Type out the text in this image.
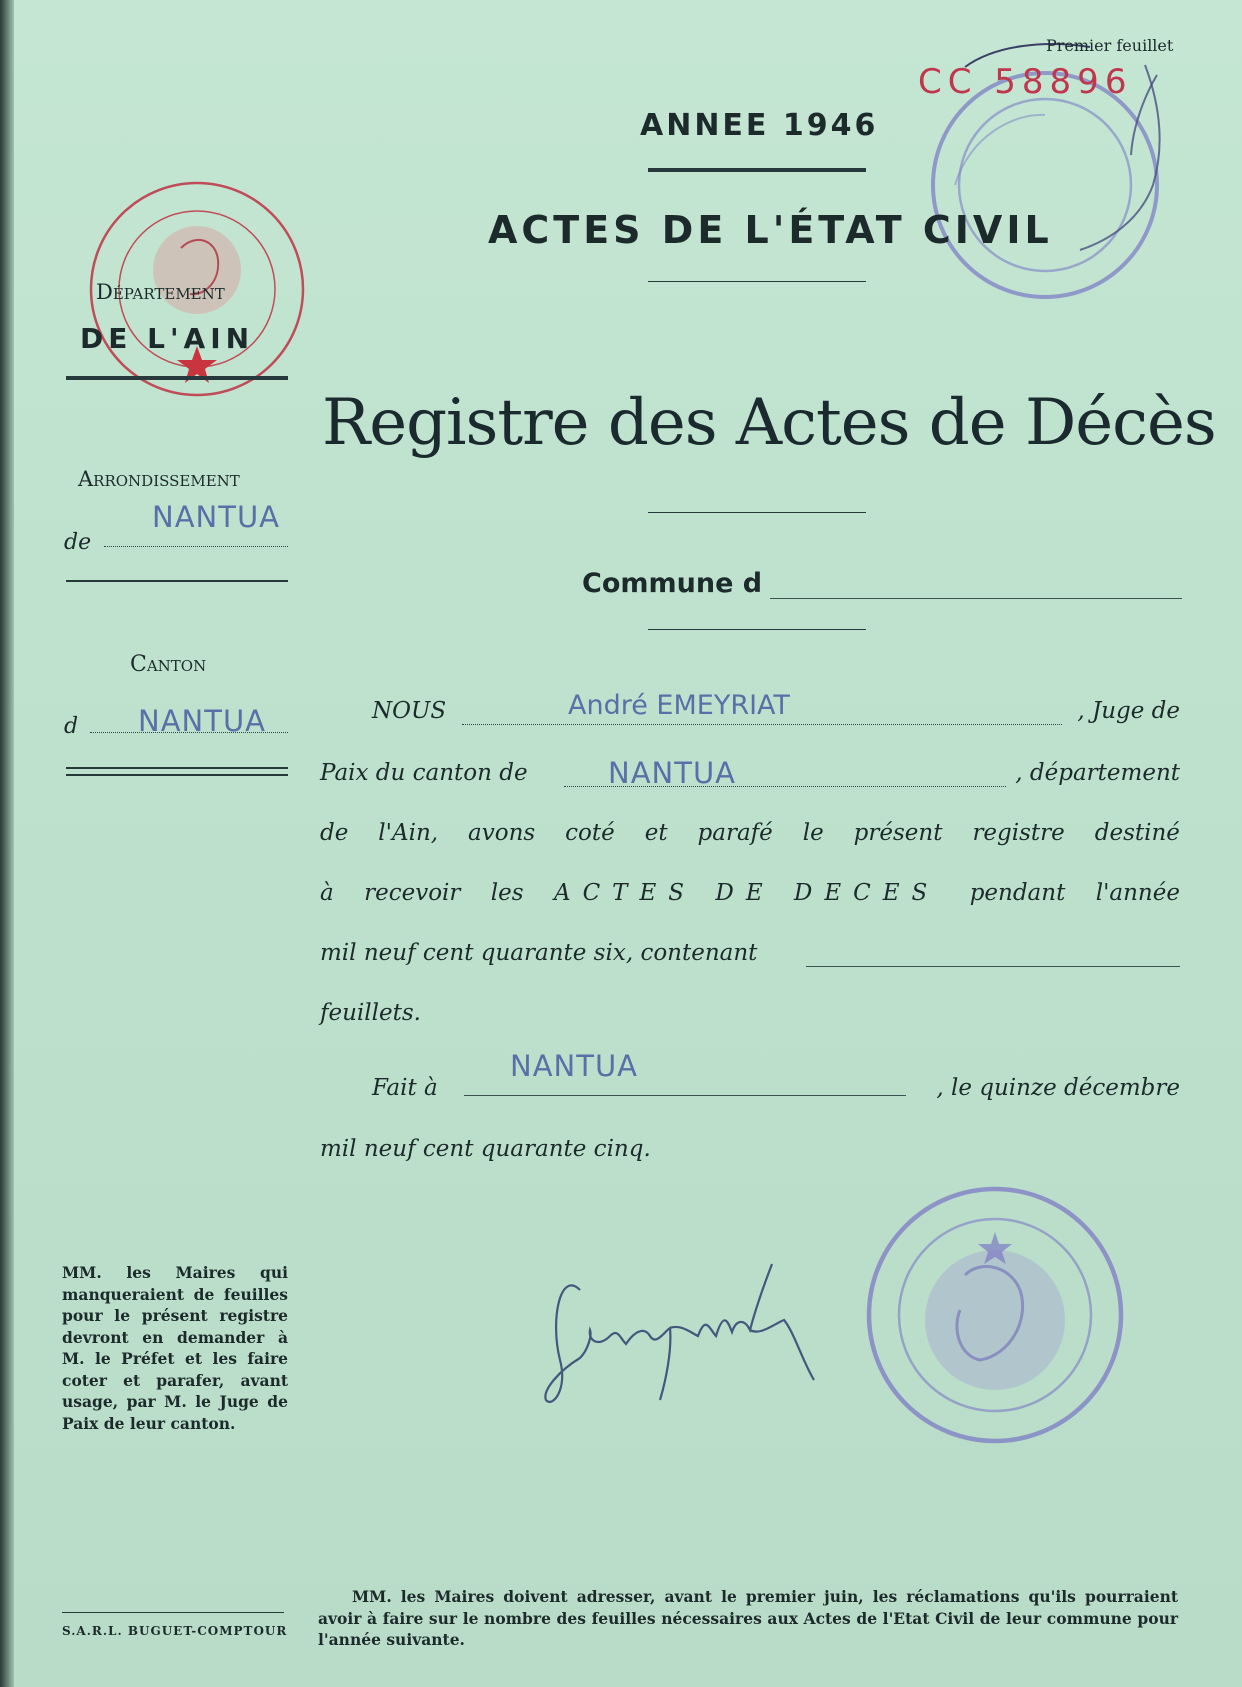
Premier feuillet
CC 58896
ANNEE 1946
ACTES DE L'ÉTAT CIVIL
Registre des Actes de Décès
Commune d
Département
DE L'AIN
Arrondissement
de
NANTUA
Canton
d NANTUA	NOUS	André EMEYRIAT	, Juge de
Paix du canton de	NANTUA	, département
de l'Ain, avons coté et parafé le présent registre destiné
à recevoir les ACTES DE DECES pendant l'année
mil neuf cent quarante six, contenant
feuillets.
Fait à
NANTUA
, le quinze décembre
mil neuf cent quarante cinq.
MM. les Maires qui manqueraient de feuilles pour le présent registre devront en demander à M. le Préfet et les faire coter et parafer, avant usage, par M. le Juge de Paix de leur canton.
S.A.R.L. BUGUET-COMPTOUR
MM. les Maires doivent adresser, avant le premier juin, les réclamations qu'ils pourraient avoir à faire sur le nombre des feuilles nécessaires aux Actes de l'Etat Civil de leur commune pour l'année suivante.
